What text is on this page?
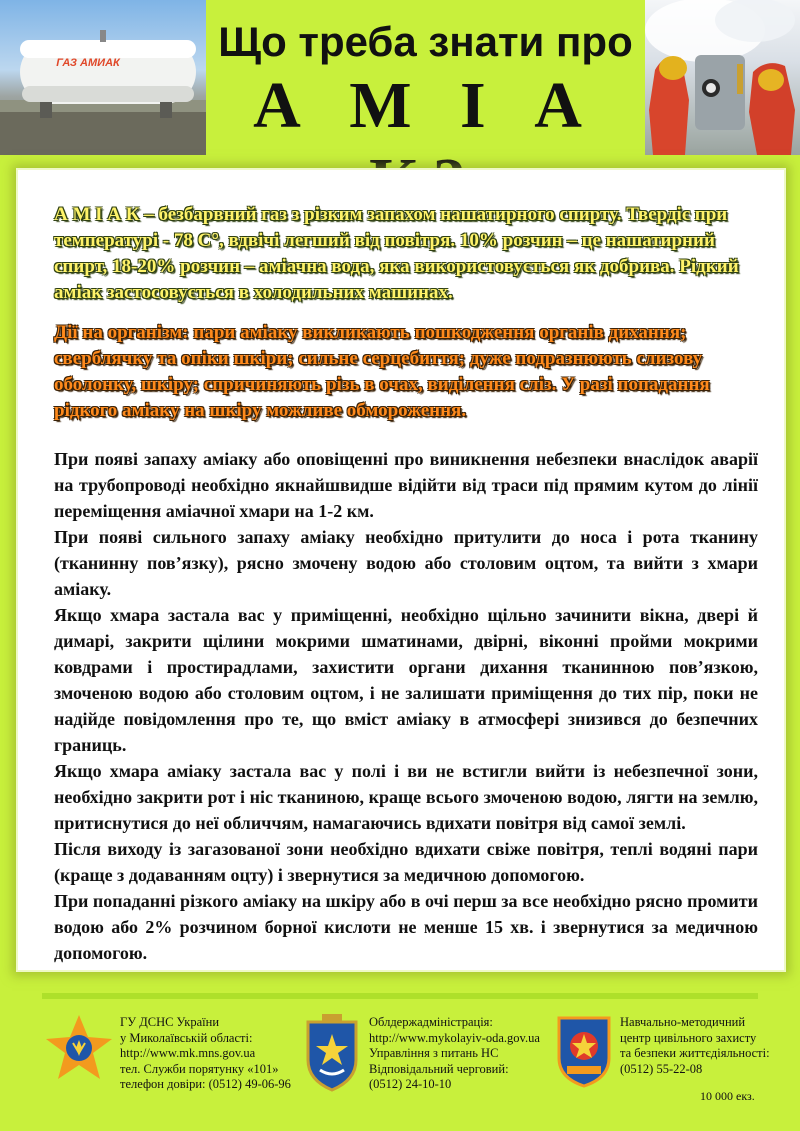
ГАЗ АМИАК Що треба знати про
А М І А

А М І А К – безбарвний газ з різким запахом нашатирного спирту. Твердіє при температурі - 78 С°, вдвічі легший від повітря. 10% розчин – це нашатирний спирт, 18-20% розчин – аміачна вода, яка використовується як добрива. Рідкий аміак застосовується в холодильних машинах.

Дії на організм: пари аміаку викликають пошкодження органів дихання; сверблячку та опіки шкіри; сильне серцебиття; дуже подразнюють слизову оболонку, шкіру; спричиняють різь в очах, виділення сліз. У разі попадання рідкого аміаку на шкіру можливе обмороження.

При появі запаху аміаку або оповіщенні про виникнення небезпеки внаслідок аварії на трубопроводі необхідно якнайшвидше відійти від траси під прямим кутом до лінії переміщення аміачної хмари на 1-2 км.

При появі сильного запаху аміаку необхідно притулити до носа і рота тканину (тканинну пов’язку), рясно змочену водою або столовим оцтом, та вийти з хмари аміаку.

Якщо хмара застала вас у приміщенні, необхідно щільно зачинити вікна, двері й димарі, закрити щілини мокрими шматинами, двірні, віконні пройми мокрими ковдрами і простирадлами, захистити органи дихання тканинною пов’язкою, змоченою водою або столовим оцтом, і не залишати приміщення до тих пір, поки не надійде повідомлення про те, що вміст аміаку в атмосфері знизився до безпечних границь.

Якщо хмара аміаку застала вас у полі і ви не встигли вийти із небезпечної зони, необхідно закрити рот і ніс тканиною, краще всього змоченою водою, лягти на землю, притиснутися до неї обличчям, намагаючись вдихати повітря від самої землі.

Після виходу із загазованої зони необхідно вдихати свіже повітря, теплі водяні пари (краще з додаванням оцту) і звернутися за медичною допомогою.

При попаданні різкого аміаку на шкіру або в очі перш за все необхідно рясно промити водою або 2% розчином борної кислоти не менше 15 хв. і звернутися за медичною допомогою.

ГУ ДСНС України
у Миколаївській області:
http://www.mk.mns.gov.ua
тел. Служби порятунку «101»
телефон довіри: (0512) 49-06-96
Облдержадміністрація:
http://www.mykolayiv-oda.gov.ua
Управління з питань НС
Відповідальний черговий:
(0512) 24-10-10
Навчально-методичний
центр цивільного захисту
та безпеки життєдіяльності:
(0512) 55-22-08
10 000 екз.
